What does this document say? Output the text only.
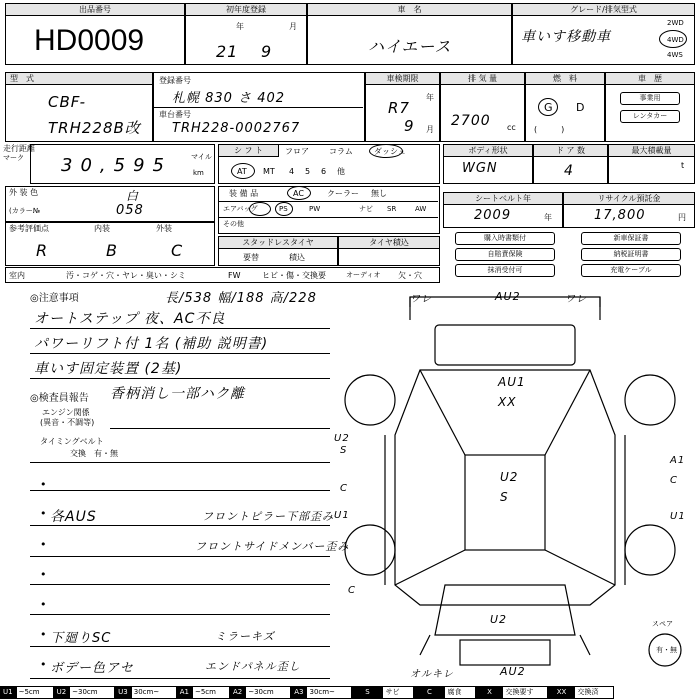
出品番号
HD0009
初年度登録
年	月
21 9
車　名
ハイエース
グレード/排気型式
車いす移動車
2WD
4WD
4WS
型　式
CBF-
TRH228B改
登録番号
札幌 830 さ 402
車台番号
TRH228-0002767
車検期限
年
月
R7
9
排 気 量
2700 cc
燃　料
G D
(　　　)
車　歴
事業用
レンタカー
走行距離
マーク 30,595	マイル
km
シ フ ト	フロア	コラム	ダッシュ
AT MT 4 5 6 他
ボディ形状
WGN
ド ア 数
4
最大積載量
t
外 装 色	白
(カラー№	058
装 備 品	AC	クーラー 無し
エアバッグ	PS	PW	ナビ SR	AW
その他
シートベルト年
2009	年
リサイクル預託金
17,800	円
参考評価点	内装	外装
R	B	C	スタッドレスタイヤ
要替	積込
タイヤ積込	購入時書類付	新車保証書
自賠責保険	納税証明書
抹消受付可	充電ケーブル
室内	汚・コゲ・穴・ヤレ・臭い・シミ	FW	ヒビ・傷・交換要	オーディオ 欠・穴
◎注意事項	長/538 幅/188 高/228
オートステップ 夜、AC不良
パワーリフト付 1名 (補助 説明書)
車いす固定装置 (2基)
香柄消し一部ハク離
◎検査員報告
エンジン関係
(異音・不調等)
タイミングベルト
交換　有・無
•
• 各AUS	フロントピラー下部歪み
•	フロントサイドメンバー歪み
•
•
• 下廻りSC	ミラーキズ
• ボデー色アセ	エンドパネル歪し
ワレ	AU2	ワレ
AU1
XX
U2
S
U2
S
C
U1
A1
C
U1
C
U2
オルキレ	AU2
スペア
有・無
U1 ~5cm	U2 ~30cm	U3 30cm~	A1 ~5cm	A2 ~30cm	A3 30cm~	S	サビ	C	腐食	X	交換要す	XX	交換済
